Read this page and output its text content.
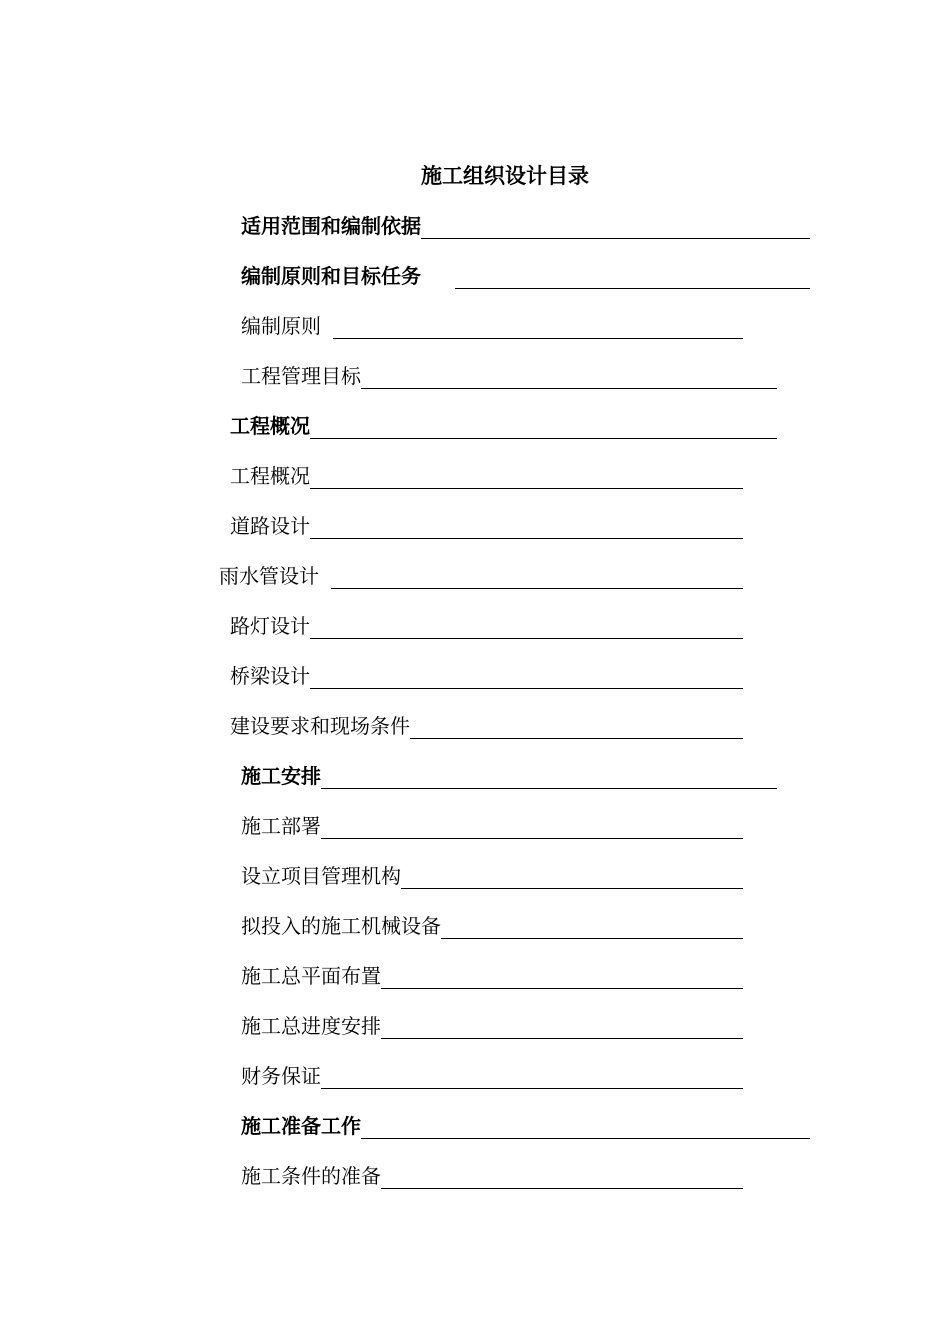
施工组织设计目录
适用范围和编制依据
编制原则和目标任务
编制原则
工程管理目标
工程概况
工程概况
道路设计
雨水管设计
路灯设计
桥梁设计
建设要求和现场条件
施工安排
施工部署
设立项目管理机构
拟投入的施工机械设备
施工总平面布置
施工总进度安排
财务保证
施工准备工作
施工条件的准备
